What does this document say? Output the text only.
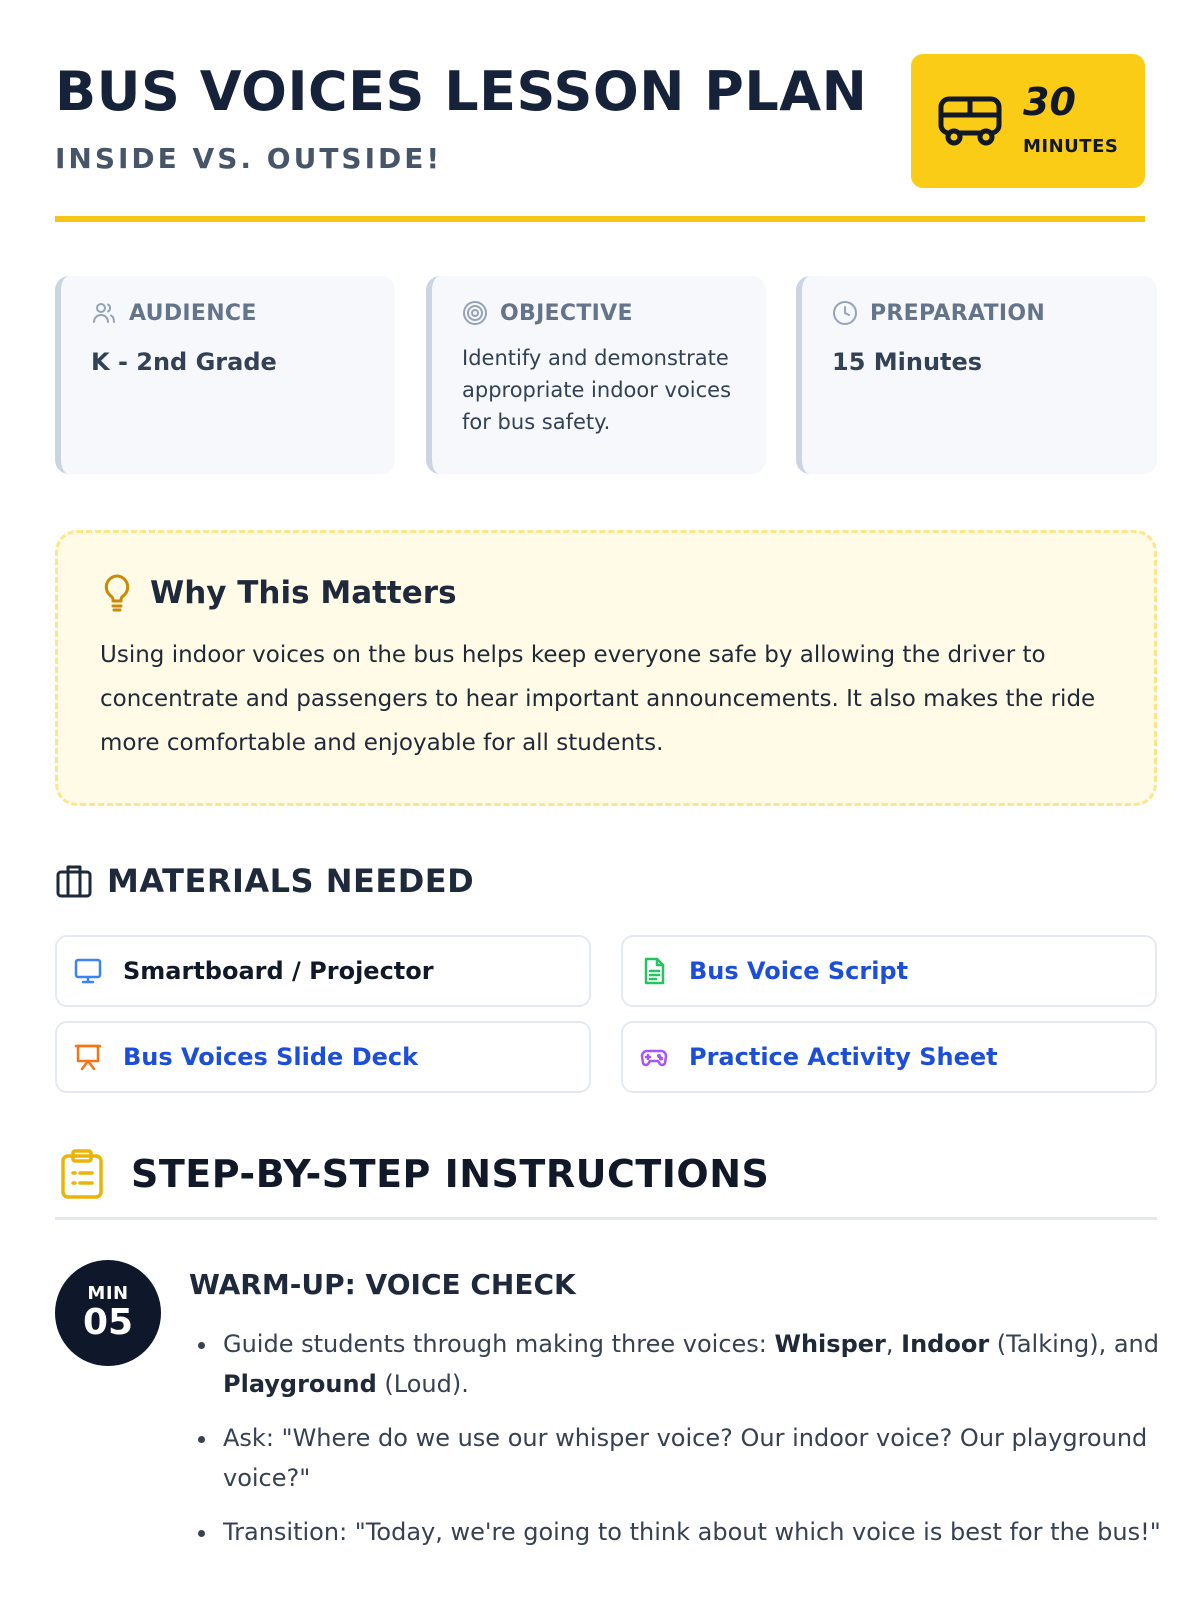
BUS VOICES LESSON PLAN
INSIDE VS. OUTSIDE!
30
MINUTES
AUDIENCE
K - 2nd Grade
OBJECTIVE
Identify and demonstrate appropriate indoor voices for bus safety.
PREPARATION
15 Minutes
Why This Matters

Using indoor voices on the bus helps keep everyone safe by allowing the driver to concentrate and passengers to hear important announcements. It also makes the ride more comfortable and enjoyable for all students.

MATERIALS NEEDED
Smartboard / Projector	Bus Voice Script
Bus Voices Slide Deck	Practice Activity Sheet
STEP-BY-STEP INSTRUCTIONS
MIN
05
WARM-UP: VOICE CHECK
• Guide students through making three voices: Whisper, Indoor (Talking), and Playground (Loud).
• Ask: "Where do we use our whisper voice? Our indoor voice? Our playground voice?"
• Transition: "Today, we're going to think about which voice is best for the bus!"
